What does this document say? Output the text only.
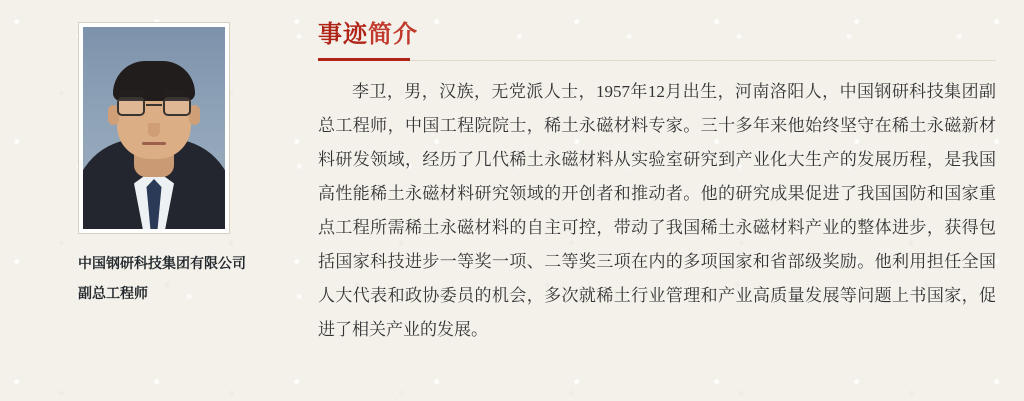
中国钢研科技集团有限公司

副总工程师

事迹简介

李卫，男，汉族，无党派人士，1957年12月出生，河南洛阳人，中国钢研科技集团副总工程师，中国工程院院士，稀土永磁材料专家。三十多年来他始终坚守在稀土永磁新材料研发领域，经历了几代稀土永磁材料从实验室研究到产业化大生产的发展历程，是我国高性能稀土永磁材料研究领域的开创者和推动者。他的研究成果促进了我国国防和国家重点工程所需稀土永磁材料的自主可控，带动了我国稀土永磁材料产业的整体进步，获得包括国家科技进步一等奖一项、二等奖三项在内的多项国家和省部级奖励。他利用担任全国人大代表和政协委员的机会，多次就稀土行业管理和产业高质量发展等问题上书国家，促进了相关产业的发展。
